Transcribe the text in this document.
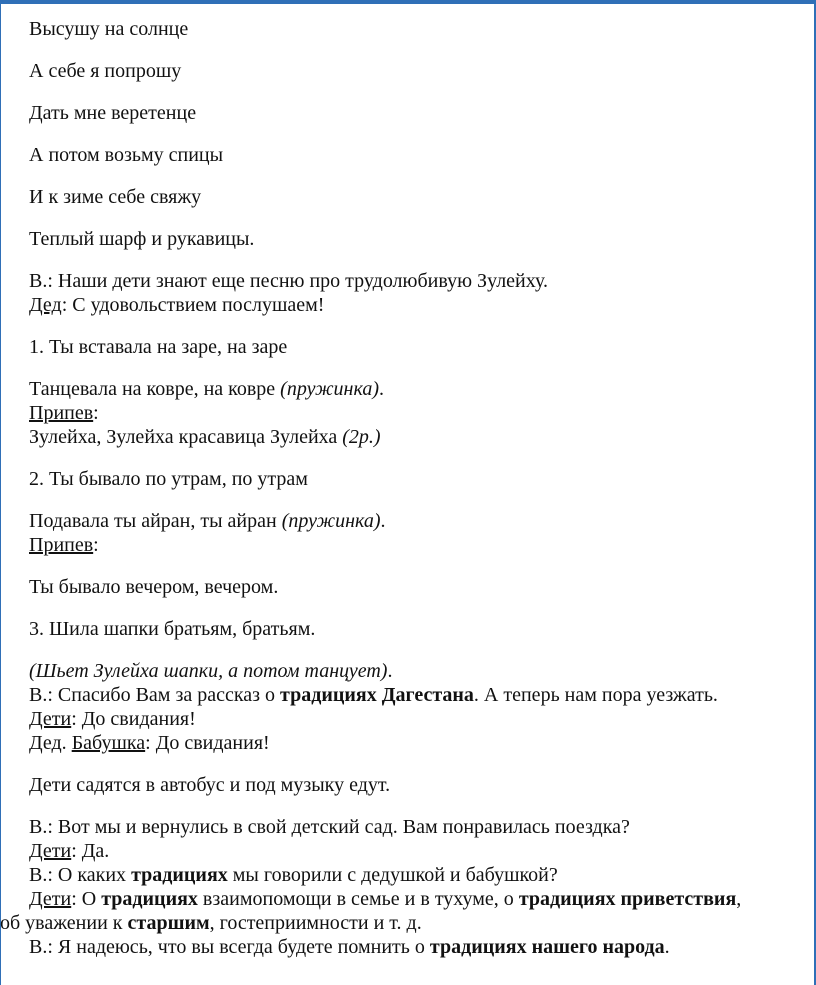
Высушу на солнце

А себе я попрошу

Дать мне веретенце

А потом возьму спицы

И к зиме себе свяжу

Теплый шарф и рукавицы.

В.: Наши дети знают еще песню про трудолюбивую Зулейху.

Дед: С удовольствием послушаем!

1. Ты вставала на заре, на заре

Танцевала на ковре, на ковре (пружинка).

Припев:

Зулейха, Зулейха красавица Зулейха (2р.)

2. Ты бывало по утрам, по утрам

Подавала ты айран, ты айран (пружинка).

Припев:

Ты бывало вечером, вечером.

3. Шила шапки братьям, братьям.

(Шьет Зулейха шапки, а потом танцует).

В.: Спасибо Вам за рассказ о традициях Дагестана. А теперь нам пора уезжать.

Дети: До свидания!

Дед. Бабушка: До свидания!

Дети садятся в автобус и под музыку едут.

В.: Вот мы и вернулись в свой детский сад. Вам понравилась поездка?

Дети: Да.

В.: О каких традициях мы говорили с дедушкой и бабушкой?

Дети: О традициях взаимопомощи в семье и в тухуме, о традициях приветствия,

об уважении к старшим, гостеприимности и т. д.

В.: Я надеюсь, что вы всегда будете помнить о традициях нашего народа.
